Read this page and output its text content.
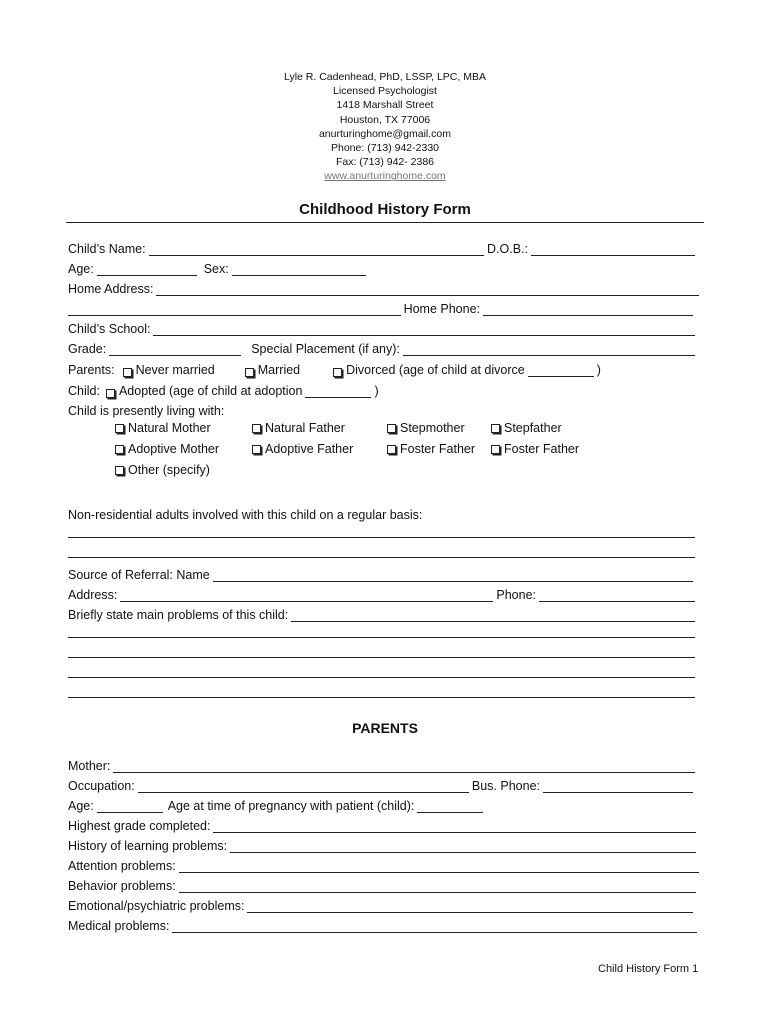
Lyle R. Cadenhead, PhD, LSSP, LPC, MBA
Licensed Psychologist
1418 Marshall Street
Houston, TX 77006
anurturinghome@gmail.com
Phone: (713) 942-2330
Fax: (713) 942- 2386
www.anurturinghome.com
Childhood History Form
Child’s Name:	D.O.B.:
Age:	Sex:
Home Address:
Home Phone:
Child’s School:
Grade:	Special Placement (if any):
Parents: Never married	Married	Divorced (age of child at divorce	)
Child: Adopted (age of child at adoption	)
Child is presently living with:
Natural Mother	Natural Father	Stepmother	Stepfather
Adoptive Mother	Adoptive Father	Foster Father Foster Father
Other (specify)
Non-residential adults involved with this child on a regular basis:
Source of Referral: Name
Address:	Phone:
Briefly state main problems of this child:
PARENTS
Mother:
Occupation:	Bus. Phone:
Age:	Age at time of pregnancy with patient (child):
Highest grade completed:
History of learning problems:
Attention problems:
Behavior problems:
Emotional/psychiatric problems:
Medical problems:
Child History Form 1
